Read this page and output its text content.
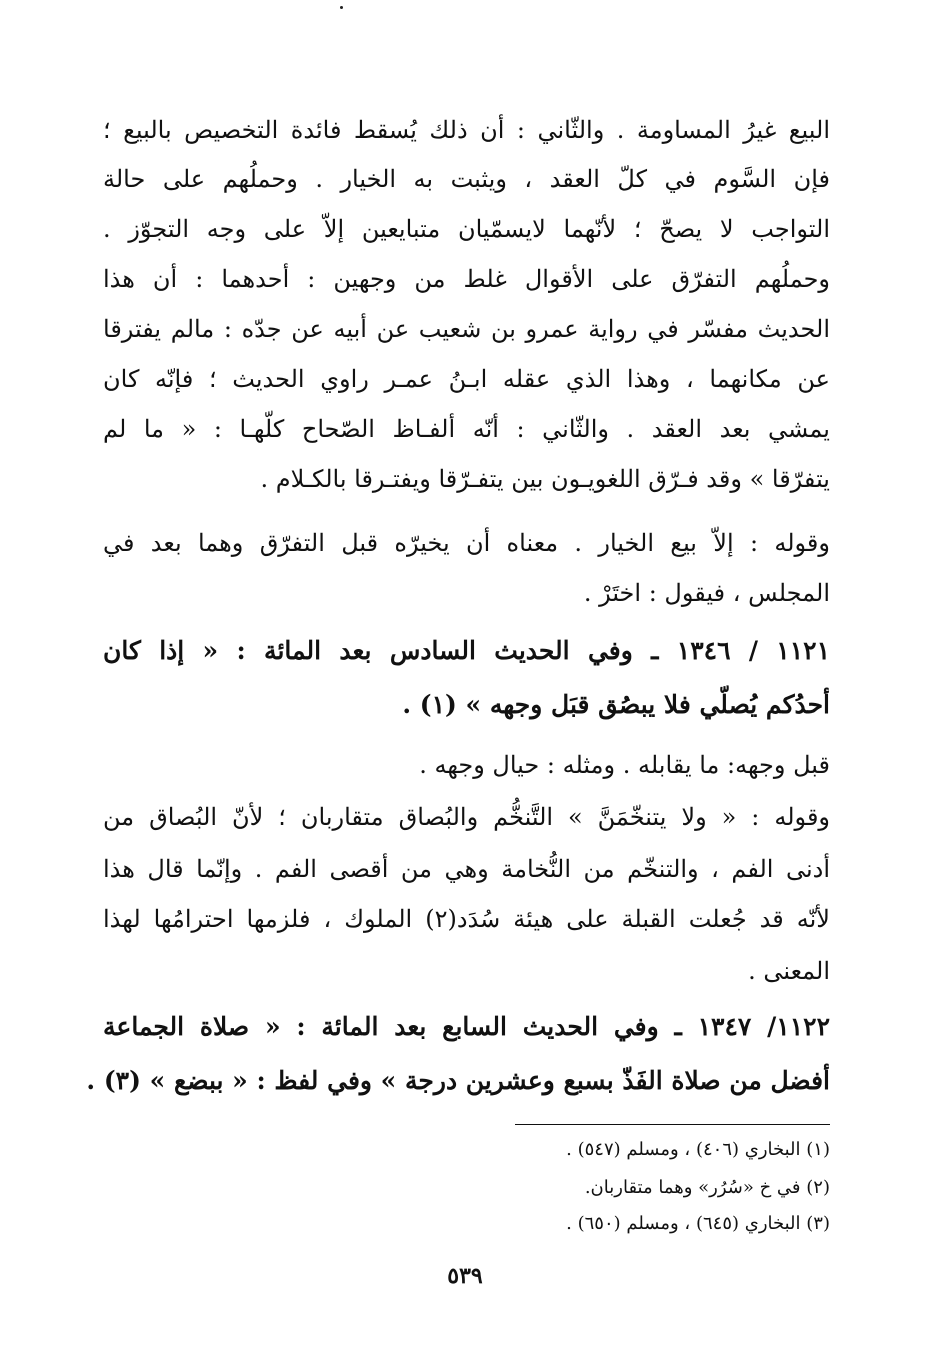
البيع غيرُ المساومة . والثّاني : أن ذلك يُسقط فائدة التخصيص بالبيع ؛
فإن السَّوم في كلّ العقد ، ويثبت به الخيار . وحملُهم على حالة
التواجب لا يصحّ ؛ لأنّهما لايسمّيان متبايعين إلاّ على وجه التجوّز .
وحملُهم التفرّق على الأقوال غلط من وجهين : أحدهما : أن هذا
الحديث مفسّر في رواية عمرو بن شعيب عن أبيه عن جدّه : مالم يفترقا
عن مكانهما ، وهذا الذي عقله ابـنُ عمـر راوي الحديث ؛ فإنّه كان
يمشي بعد العقد . والثّاني : أنّه ألفـاظ الصّحاح كلّهـا : « ما لم
يتفرّقا » وقد فـرّق اللغويـون بين يتفـرّقا ويفتـرقا بالكـلام .
وقوله : إلاّ بيع الخيار . معناه أن يخيرّه قبل التفرّق وهما بعد في
المجلس ، فيقول : اختَرْ .
١١٢١ / ١٣٤٦ ـ وفي الحديث السادس بعد المائة : « إذا كان
أحدُكم يُصلّي فلا يبصُق قبَل وجهه » (١) .
قبل وجهه: ما يقابله . ومثله : حيال وجهه .
وقوله : « ولا يتنخّمَنَّ » التَّنخُّم والبُصاق متقاربان ؛ لأنّ البُصاق من
أدنى الفم ، والتنخّم من النُّخامة وهي من أقصى الفم . وإنّما قال هذا
لأنّه قد جُعلت القبلة على هيئة سُدَد(٢) الملوك ، فلزمها احترامُها لهذا
المعنى .
١١٢٢/ ١٣٤٧ ـ وفي الحديث السابع بعد المائة : « صلاة الجماعة
أفضل من صلاة الفَذّ بسبع وعشرين درجة » وفي لفظ : « ببضع » (٣) .
(١) البخاري (٤٠٦) ، ومسلم (٥٤٧) .
(٢) في خ «سُرُر» وهما متقاربان.
(٣) البخاري (٦٤٥) ، ومسلم (٦٥٠) .
٥٣٩
